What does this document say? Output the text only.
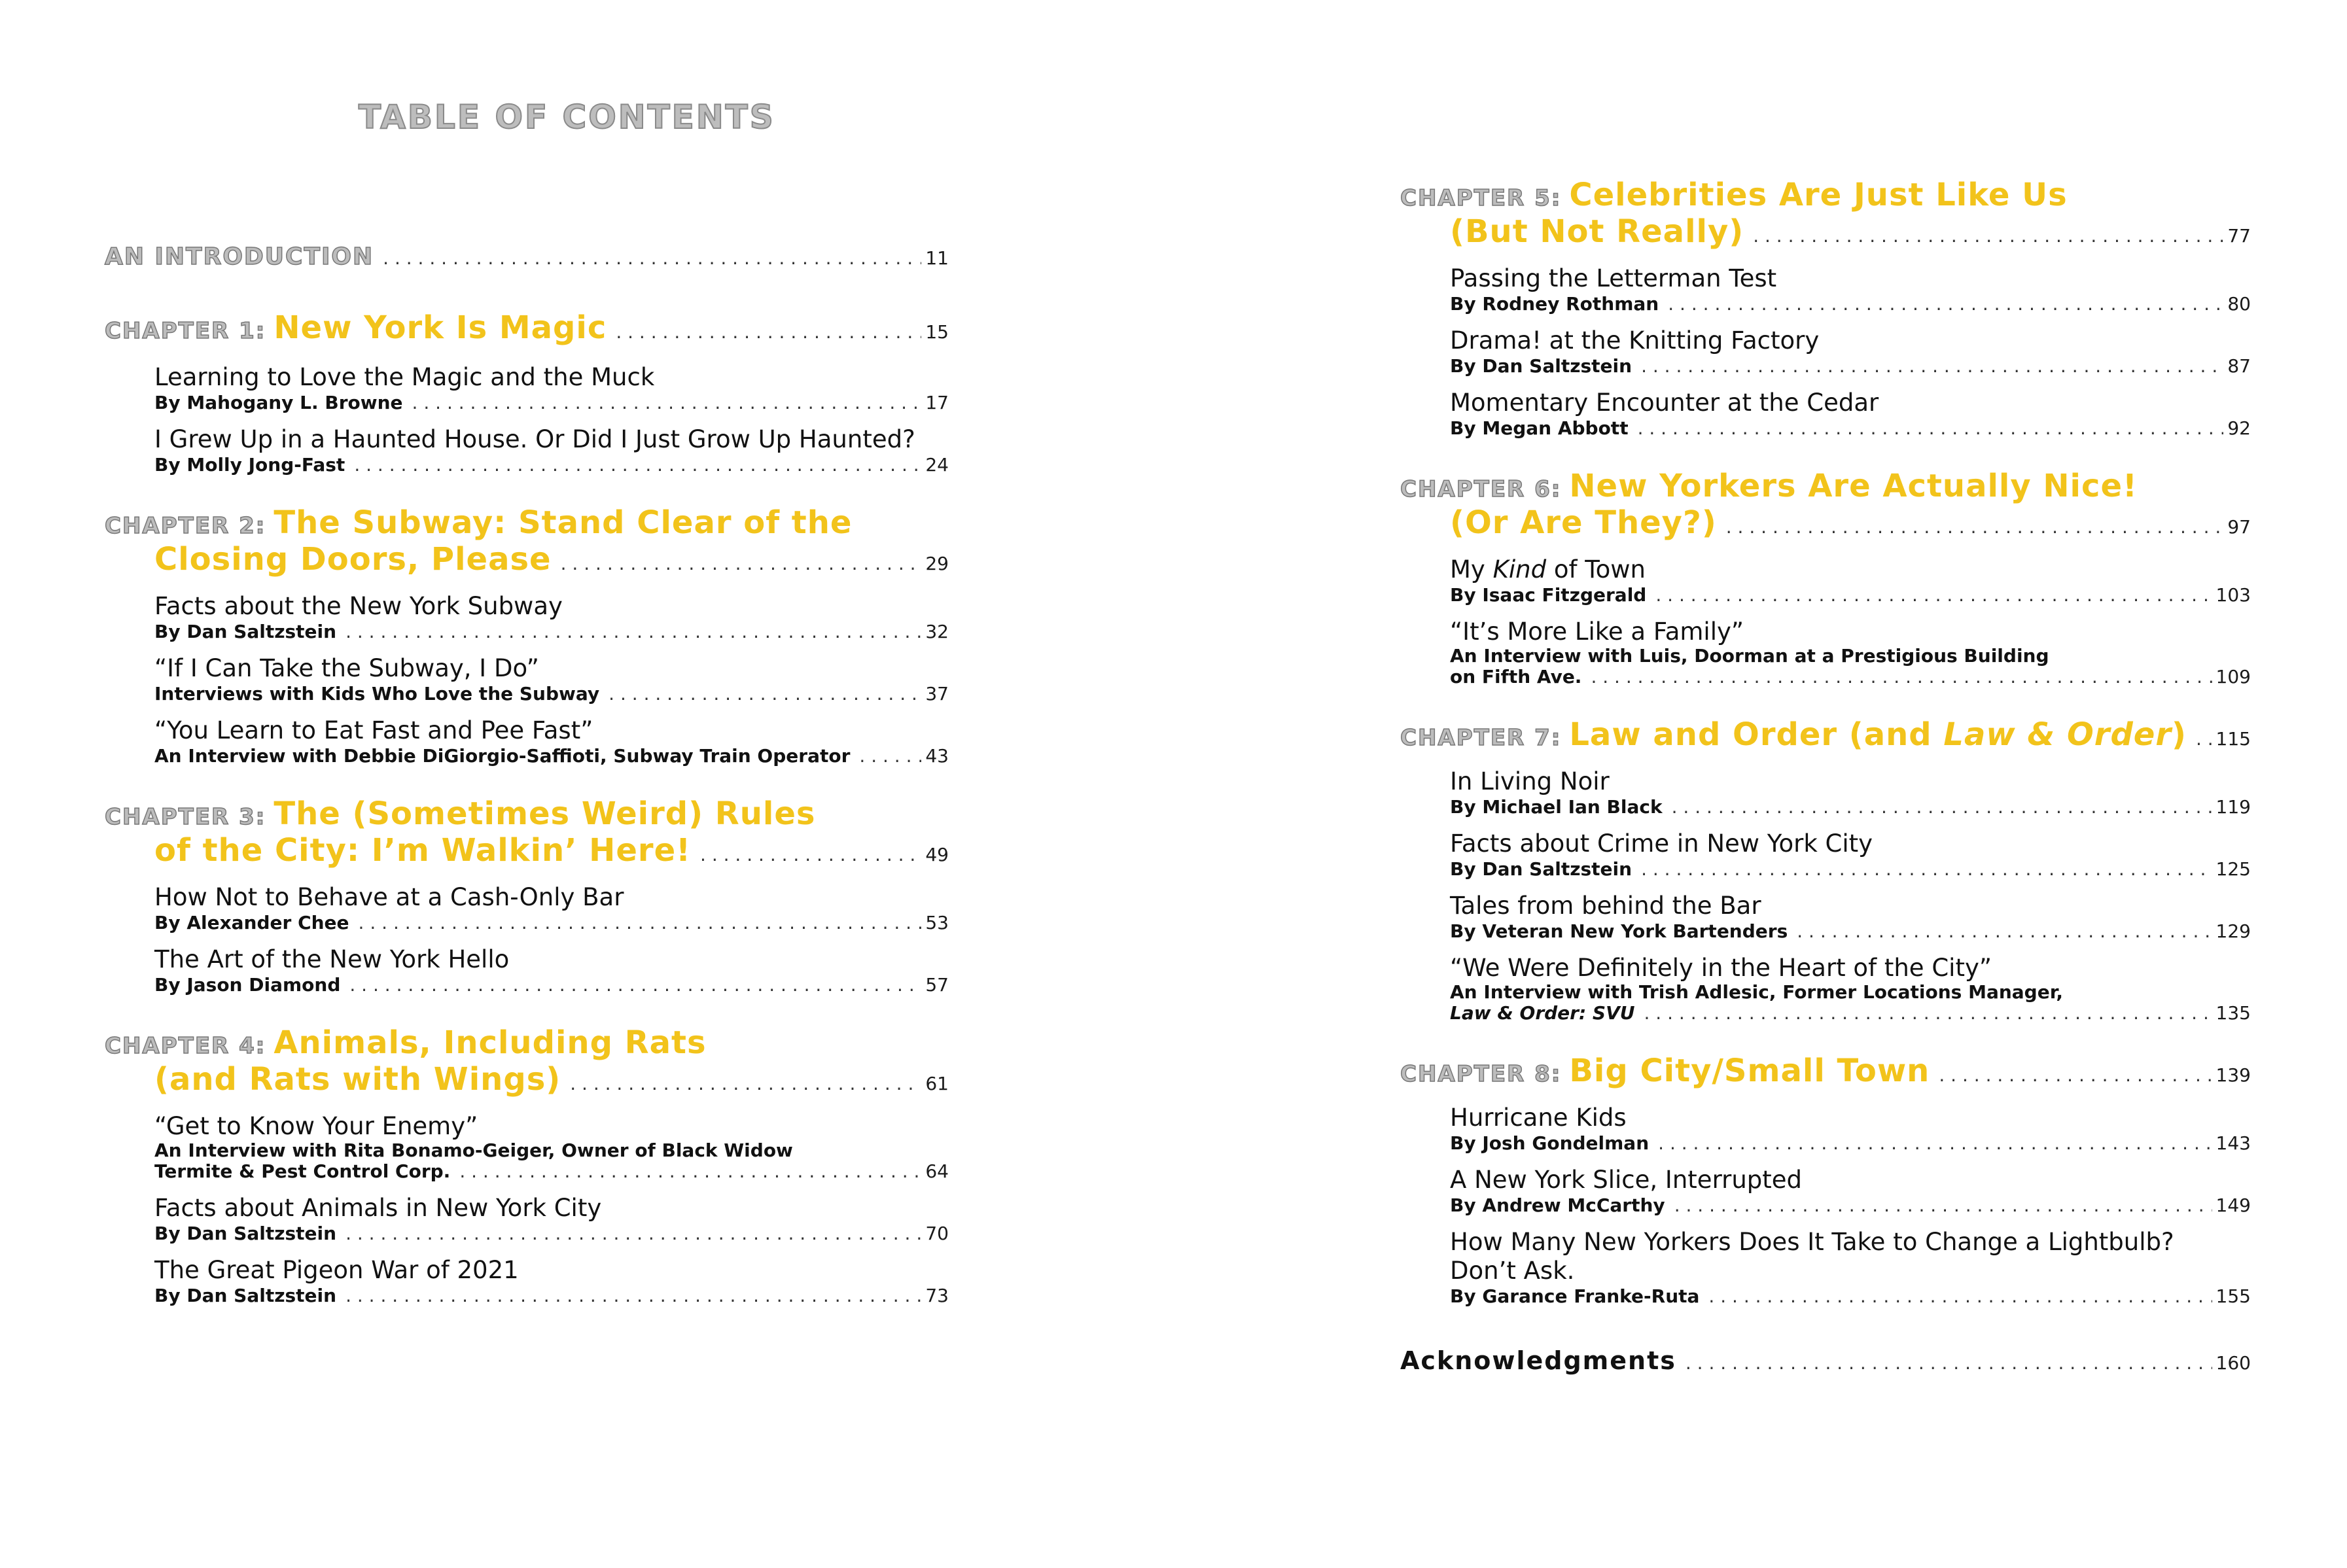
TABLE OF CONTENTS
AN INTRODUCTION . . .	11
CHAPTER 1: New York Is Magic . . .	15
Learning to Love the Magic and the Muck
By Mahogany L. Browne . . .	17
I Grew Up in a Haunted House. Or Did I Just Grow Up Haunted?
By Molly Jong-Fast . . .	24
CHAPTER 2: The Subway: Stand Clear of the
Closing Doors, Please . . .	29
Facts about the New York Subway
By Dan Saltzstein . . .	32
“If I Can Take the Subway, I Do”
Interviews with Kids Who Love the Subway . . .	37
“You Learn to Eat Fast and Pee Fast”
An Interview with Debbie DiGiorgio-Saffioti, Subway Train Operator . . .	43
CHAPTER 3: The (Sometimes Weird) Rules
of the City: I’m Walkin’ Here! . . .	49
How Not to Behave at a Cash-Only Bar
By Alexander Chee . . .	53
The Art of the New York Hello
By Jason Diamond . . .	57
CHAPTER 4: Animals, Including Rats
(and Rats with Wings) . . .	61
“Get to Know Your Enemy”
An Interview with Rita Bonamo-Geiger, Owner of Black Widow
Termite & Pest Control Corp. . . .	64
Facts about Animals in New York City
By Dan Saltzstein . . .	70
The Great Pigeon War of 2021
By Dan Saltzstein . . .	73
CHAPTER 5: Celebrities Are Just Like Us
(But Not Really) . . .	77
Passing the Letterman Test
By Rodney Rothman . . .	80
Drama! at the Knitting Factory
By Dan Saltzstein . . .	87
Momentary Encounter at the Cedar
By Megan Abbott . . .	92
CHAPTER 6: New Yorkers Are Actually Nice!
(Or Are They?) . . .	97
My Kind of Town
By Isaac Fitzgerald . . .	103
“It’s More Like a Family”
An Interview with Luis, Doorman at a Prestigious Building
on Fifth Ave. . . .	109
CHAPTER 7: Law and Order (and Law & Order) . . . 115
In Living Noir
By Michael Ian Black . . .	119
Facts about Crime in New York City
By Dan Saltzstein . . .	125
Tales from behind the Bar
By Veteran New York Bartenders . . .	129
“We Were Definitely in the Heart of the City”
An Interview with Trish Adlesic, Former Locations Manager,
Law & Order: SVU . . .	135
CHAPTER 8: Big City/Small Town . . .	139
Hurricane Kids
By Josh Gondelman . . .	143
A New York Slice, Interrupted
By Andrew McCarthy . . .	149
How Many New Yorkers Does It Take to Change a Lightbulb?
Don’t Ask.
By Garance Franke-Ruta . . .	155
Acknowledgments . . .	160
